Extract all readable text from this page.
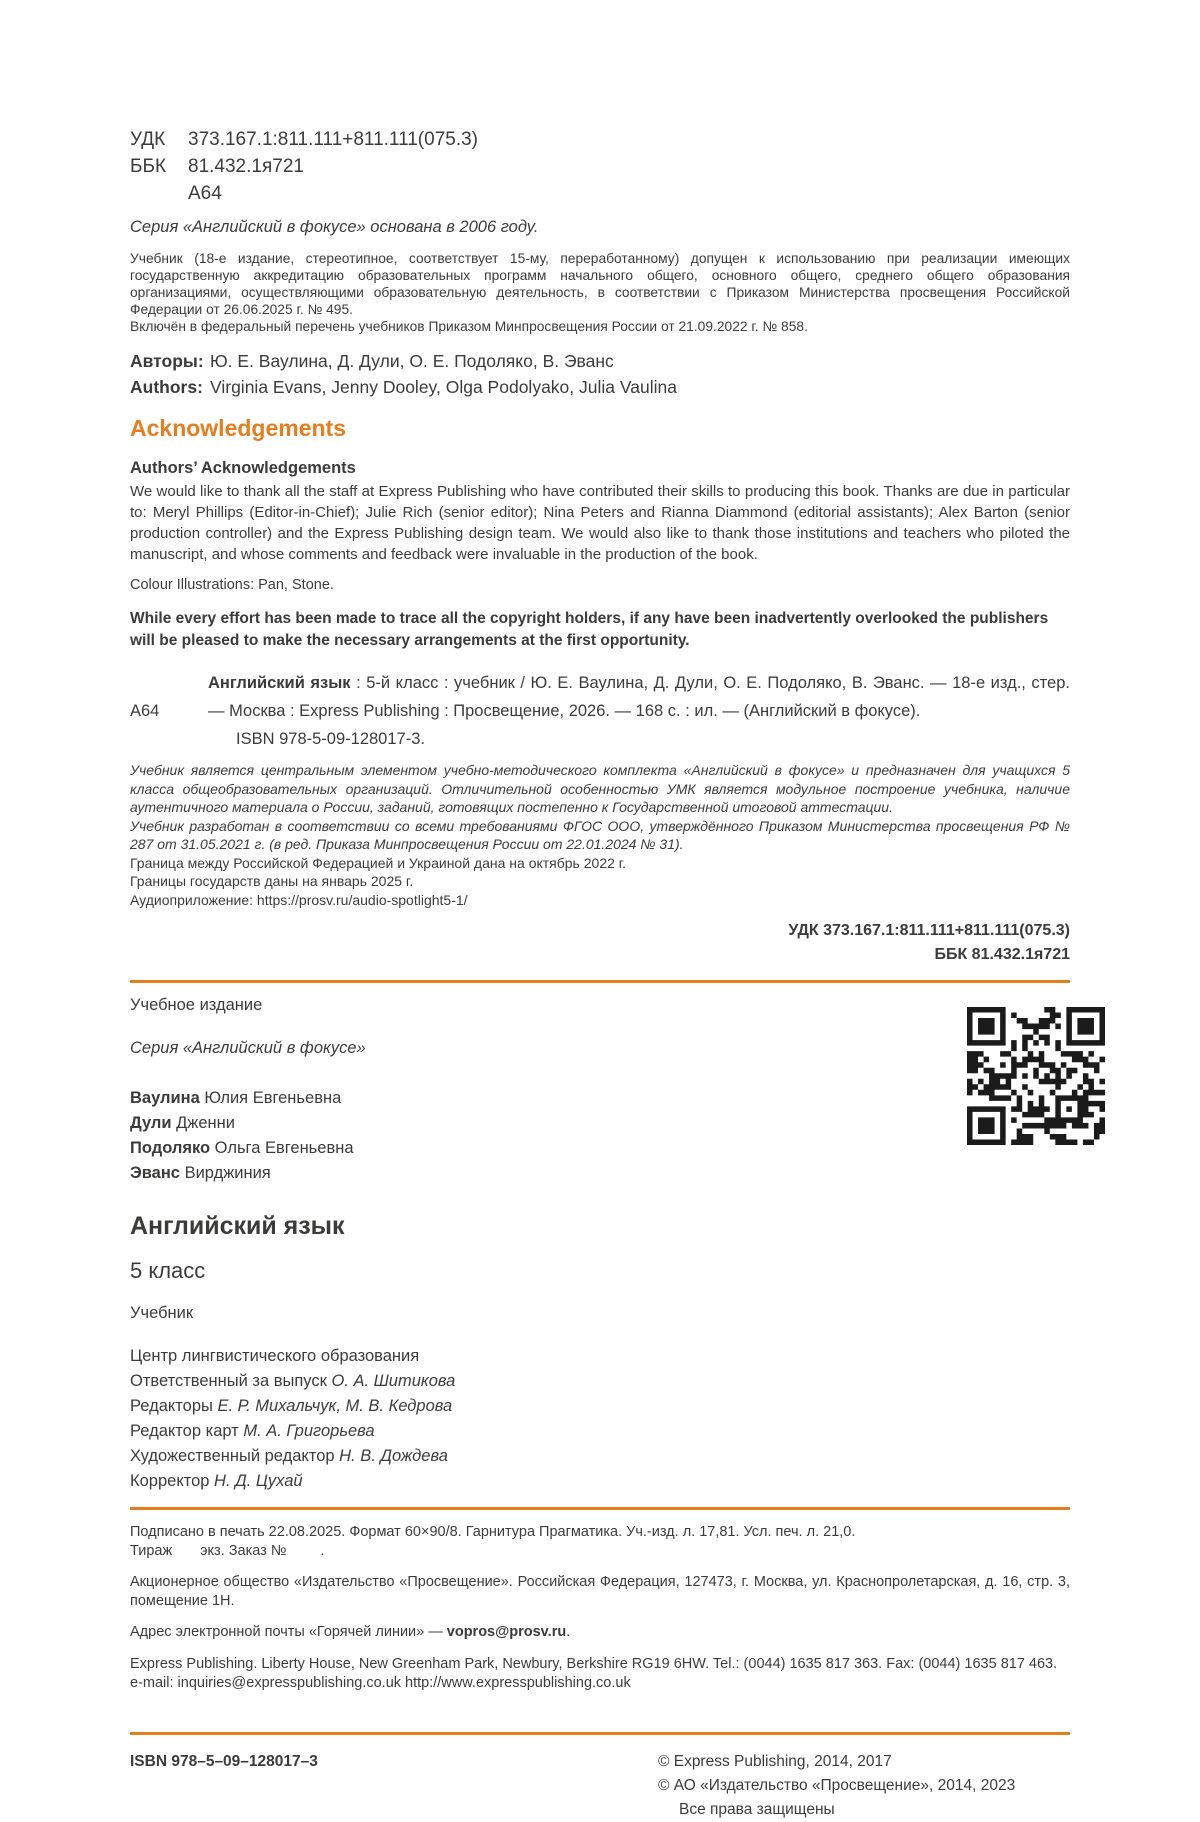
УДК	373.167.1:811.111+811.111(075.3)
ББК	81.432.1я721
А64
Серия «Английский в фокусе» основана в 2006 году.
Учебник (18-е издание, стереотипное, соответствует 15-му, переработанному) допущен к использованию при реализации имеющих государственную аккредитацию образовательных программ начального общего, основного общего, среднего общего образования организациями, осуществляющими образовательную деятельность, в соответствии с Приказом Министерства просвещения Российской Федерации от 26.06.2025 г. № 495.
Включён в федеральный перечень учебников Приказом Минпросвещения России от 21.09.2022 г. № 858.
Авторы: Ю. Е. Ваулина, Д. Дули, О. Е. Подоляко, В. Эванс
Authors: Virginia Evans, Jenny Dooley, Olga Podolyako, Julia Vaulina
Acknowledgements
Authors’ Acknowledgements
We would like to thank all the staff at Express Publishing who have contributed their skills to producing this book. Thanks are due in particular to: Meryl Phillips (Editor-in-Chief); Julie Rich (senior editor); Nina Peters and Rianna Diammond (editorial assistants); Alex Barton (senior production controller) and the Express Publishing design team. We would also like to thank those institutions and teachers who piloted the manuscript, and whose comments and feedback were invaluable in the production of the book.
Colour Illustrations: Pan, Stone.
While every effort has been made to trace all the copyright holders, if any have been inadvertently overlooked the publishers will be pleased to make the necessary arrangements at the first opportunity.
А64
Английский язык : 5-й класс : учебник / Ю. Е. Ваулина, Д. Дули, О. Е. Подоляко, В. Эванс. — 18-е изд., стер. — Москва : Express Publishing : Просвещение, 2026. — 168 с. : ил. — (Английский в фокусе).
ISBN 978-5-09-128017-3.
Учебник является центральным элементом учебно-методического комплекта «Английский в фокусе» и предназначен для учащихся 5 класса общеобразовательных организаций. Отличительной особенностью УМК является модульное построение учебника, наличие аутентичного материала о России, заданий, готовящих постепенно к Государственной итоговой аттестации.
Учебник разработан в соответствии со всеми требованиями ФГОС ООО, утверждённого Приказом Министерства просвещения РФ № 287 от 31.05.2021 г. (в ред. Приказа Минпросвещения России от 22.01.2024 № 31).
Граница между Российской Федерацией и Украиной дана на октябрь 2022 г.
Границы государств даны на январь 2025 г.
Аудиоприложение: https://prosv.ru/audio-spotlight5-1/
УДК 373.167.1:811.111+811.111(075.3)
ББК 81.432.1я721
Учебное издание
Серия «Английский в фокусе»
Ваулина Юлия Евгеньевна
Дули Дженни
Подоляко Ольга Евгеньевна
Эванс Вирджиния
Английский язык
5 класс
Учебник
Центр лингвистического образования
Ответственный за выпуск О. А. Шитикова
Редакторы Е. Р. Михальчук, М. В. Кедрова
Редактор карт М. А. Григорьева
Художественный редактор Н. В. Дождева
Корректор Н. Д. Цухай
Подписано в печать 22.08.2025. Формат 60×90/8. Гарнитура Прагматика. Уч.-изд. л. 17,81. Усл. печ. л. 21,0.
Тираж экз. Заказ № .
Акционерное общество «Издательство «Просвещение». Российская Федерация, 127473, г. Москва, ул. Краснопролетарская, д. 16, стр. 3, помещение 1Н.
Адрес электронной почты «Горячей линии» — vopros@prosv.ru.
Express Publishing. Liberty House, New Greenham Park, Newbury, Berkshire RG19 6HW. Tel.: (0044) 1635 817 363. Fax: (0044) 1635 817 463.
e-mail: inquiries@expresspublishing.co.uk http://www.expresspublishing.co.uk
ISBN 978–5–09–128017–3	© Express Publishing, 2014, 2017
© АО «Издательство «Просвещение», 2014, 2023
Все права защищены
